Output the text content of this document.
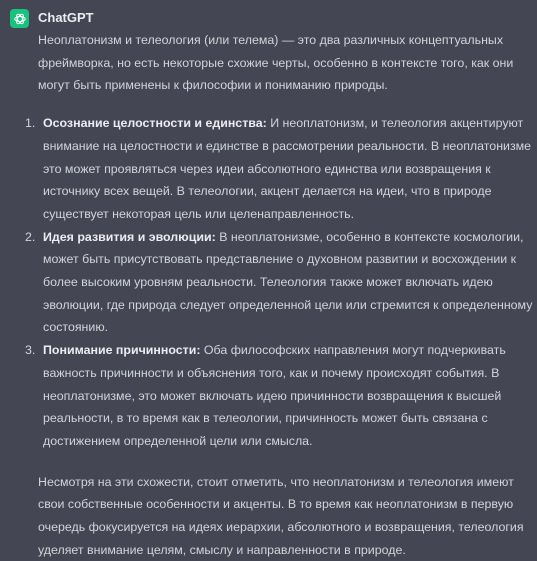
ChatGPT

Неоплатонизм и телеология (или телема) — это два различных концептуальных фреймворка, но есть некоторые схожие черты, особенно в контексте того, как они могут быть применены к философии и пониманию природы.

1. Осознание целостности и единства: И неоплатонизм, и телеология акцентируют внимание на целостности и единстве в рассмотрении реальности. В неоплатонизме это может проявляться через идеи абсолютного единства или возвращения к источнику всех вещей. В телеологии, акцент делается на идеи, что в природе существует некоторая цель или целенаправленность.
2. Идея развития и эволюции: В неоплатонизме, особенно в контексте космологии, может быть присутствовать представление о духовном развитии и восхождении к более высоким уровням реальности. Телеология также может включать идею эволюции, где природа следует определенной цели или стремится к определенному состоянию.
3. Понимание причинности: Оба философских направления могут подчеркивать важность причинности и объяснения того, как и почему происходят события. В неоплатонизме, это может включать идею причинности возвращения к высшей реальности, в то время как в телеологии, причинность может быть связана с достижением определенной цели или смысла.

Несмотря на эти схожести, стоит отметить, что неоплатонизм и телеология имеют свои собственные особенности и акценты. В то время как неоплатонизм в первую очередь фокусируется на идеях иерархии, абсолютного и возвращения, телеология уделяет внимание целям, смыслу и направленности в природе.
